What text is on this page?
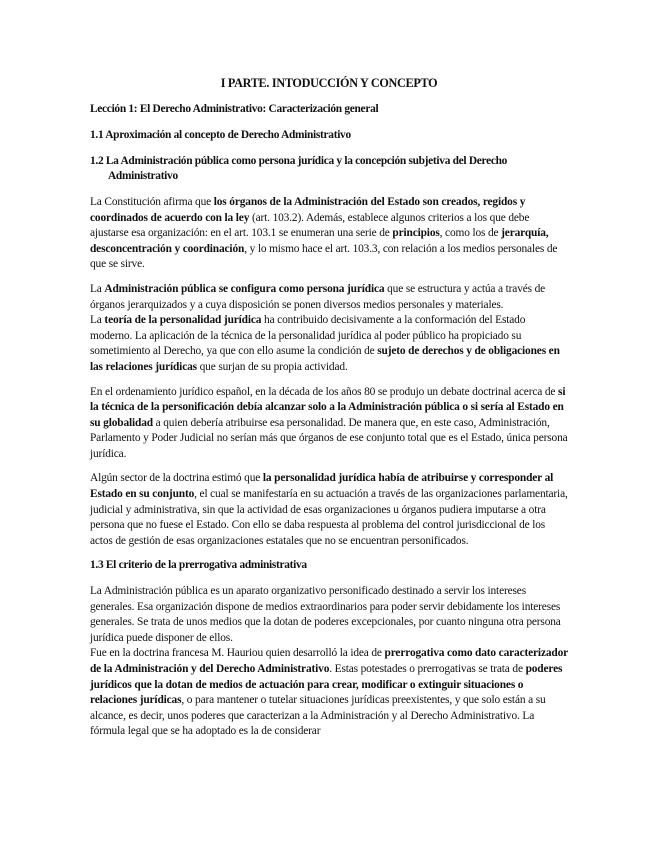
I PARTE. INTODUCCIÓN Y CONCEPTO
Lección 1: El Derecho Administrativo: Caracterización general
1.1 Aproximación al concepto de Derecho Administrativo
1.2 La Administración pública como persona jurídica y la concepción subjetiva del Derecho Administrativo

La Constitución afirma que los órganos de la Administración del Estado son creados, regidos y coordinados de acuerdo con la ley (art. 103.2). Además, establece algunos criterios a los que debe ajustarse esa organización: en el art. 103.1 se enumeran una serie de principios, como los de jerarquía, desconcentración y coordinación, y lo mismo hace el art. 103.3, con relación a los medios personales de que se sirve.

La Administración pública se configura como persona jurídica que se estructura y actúa a través de órganos jerarquizados y a cuya disposición se ponen diversos medios personales y materiales.

La teoría de la personalidad jurídica ha contribuido decisivamente a la conformación del Estado moderno. La aplicación de la técnica de la personalidad jurídica al poder público ha propiciado su sometimiento al Derecho, ya que con ello asume la condición de sujeto de derechos y de obligaciones en las relaciones jurídicas que surjan de su propia actividad.

En el ordenamiento jurídico español, en la década de los años 80 se produjo un debate doctrinal acerca de si la técnica de la personificación debía alcanzar solo a la Administración pública o si sería al Estado en su globalidad a quien debería atribuirse esa personalidad. De manera que, en este caso, Administración, Parlamento y Poder Judicial no serían más que órganos de ese conjunto total que es el Estado, única persona jurídica.

Algún sector de la doctrina estimó que la personalidad jurídica había de atribuirse y corresponder al Estado en su conjunto, el cual se manifestaría en su actuación a través de las organizaciones parlamentaria, judicial y administrativa, sin que la actividad de esas organizaciones u órganos pudiera imputarse a otra persona que no fuese el Estado. Con ello se daba respuesta al problema del control jurisdiccional de los actos de gestión de esas organizaciones estatales que no se encuentran personificados.

1.3 El criterio de la prerrogativa administrativa

La Administración pública es un aparato organizativo personificado destinado a servir los intereses generales. Esa organización dispone de medios extraordinarios para poder servir debidamente los intereses generales. Se trata de unos medios que la dotan de poderes excepcionales, por cuanto ninguna otra persona jurídica puede disponer de ellos.

Fue en la doctrina francesa M. Hauriou quien desarrolló la idea de prerrogativa como dato caracterizador de la Administración y del Derecho Administrativo. Estas potestades o prerrogativas se trata de poderes jurídicos que la dotan de medios de actuación para crear, modificar o extinguir situaciones o relaciones jurídicas, o para mantener o tutelar situaciones jurídicas preexistentes, y que solo están a su alcance, es decir, unos poderes que caracterizan a la Administración y al Derecho Administrativo. La fórmula legal que se ha adoptado es la de considerar
